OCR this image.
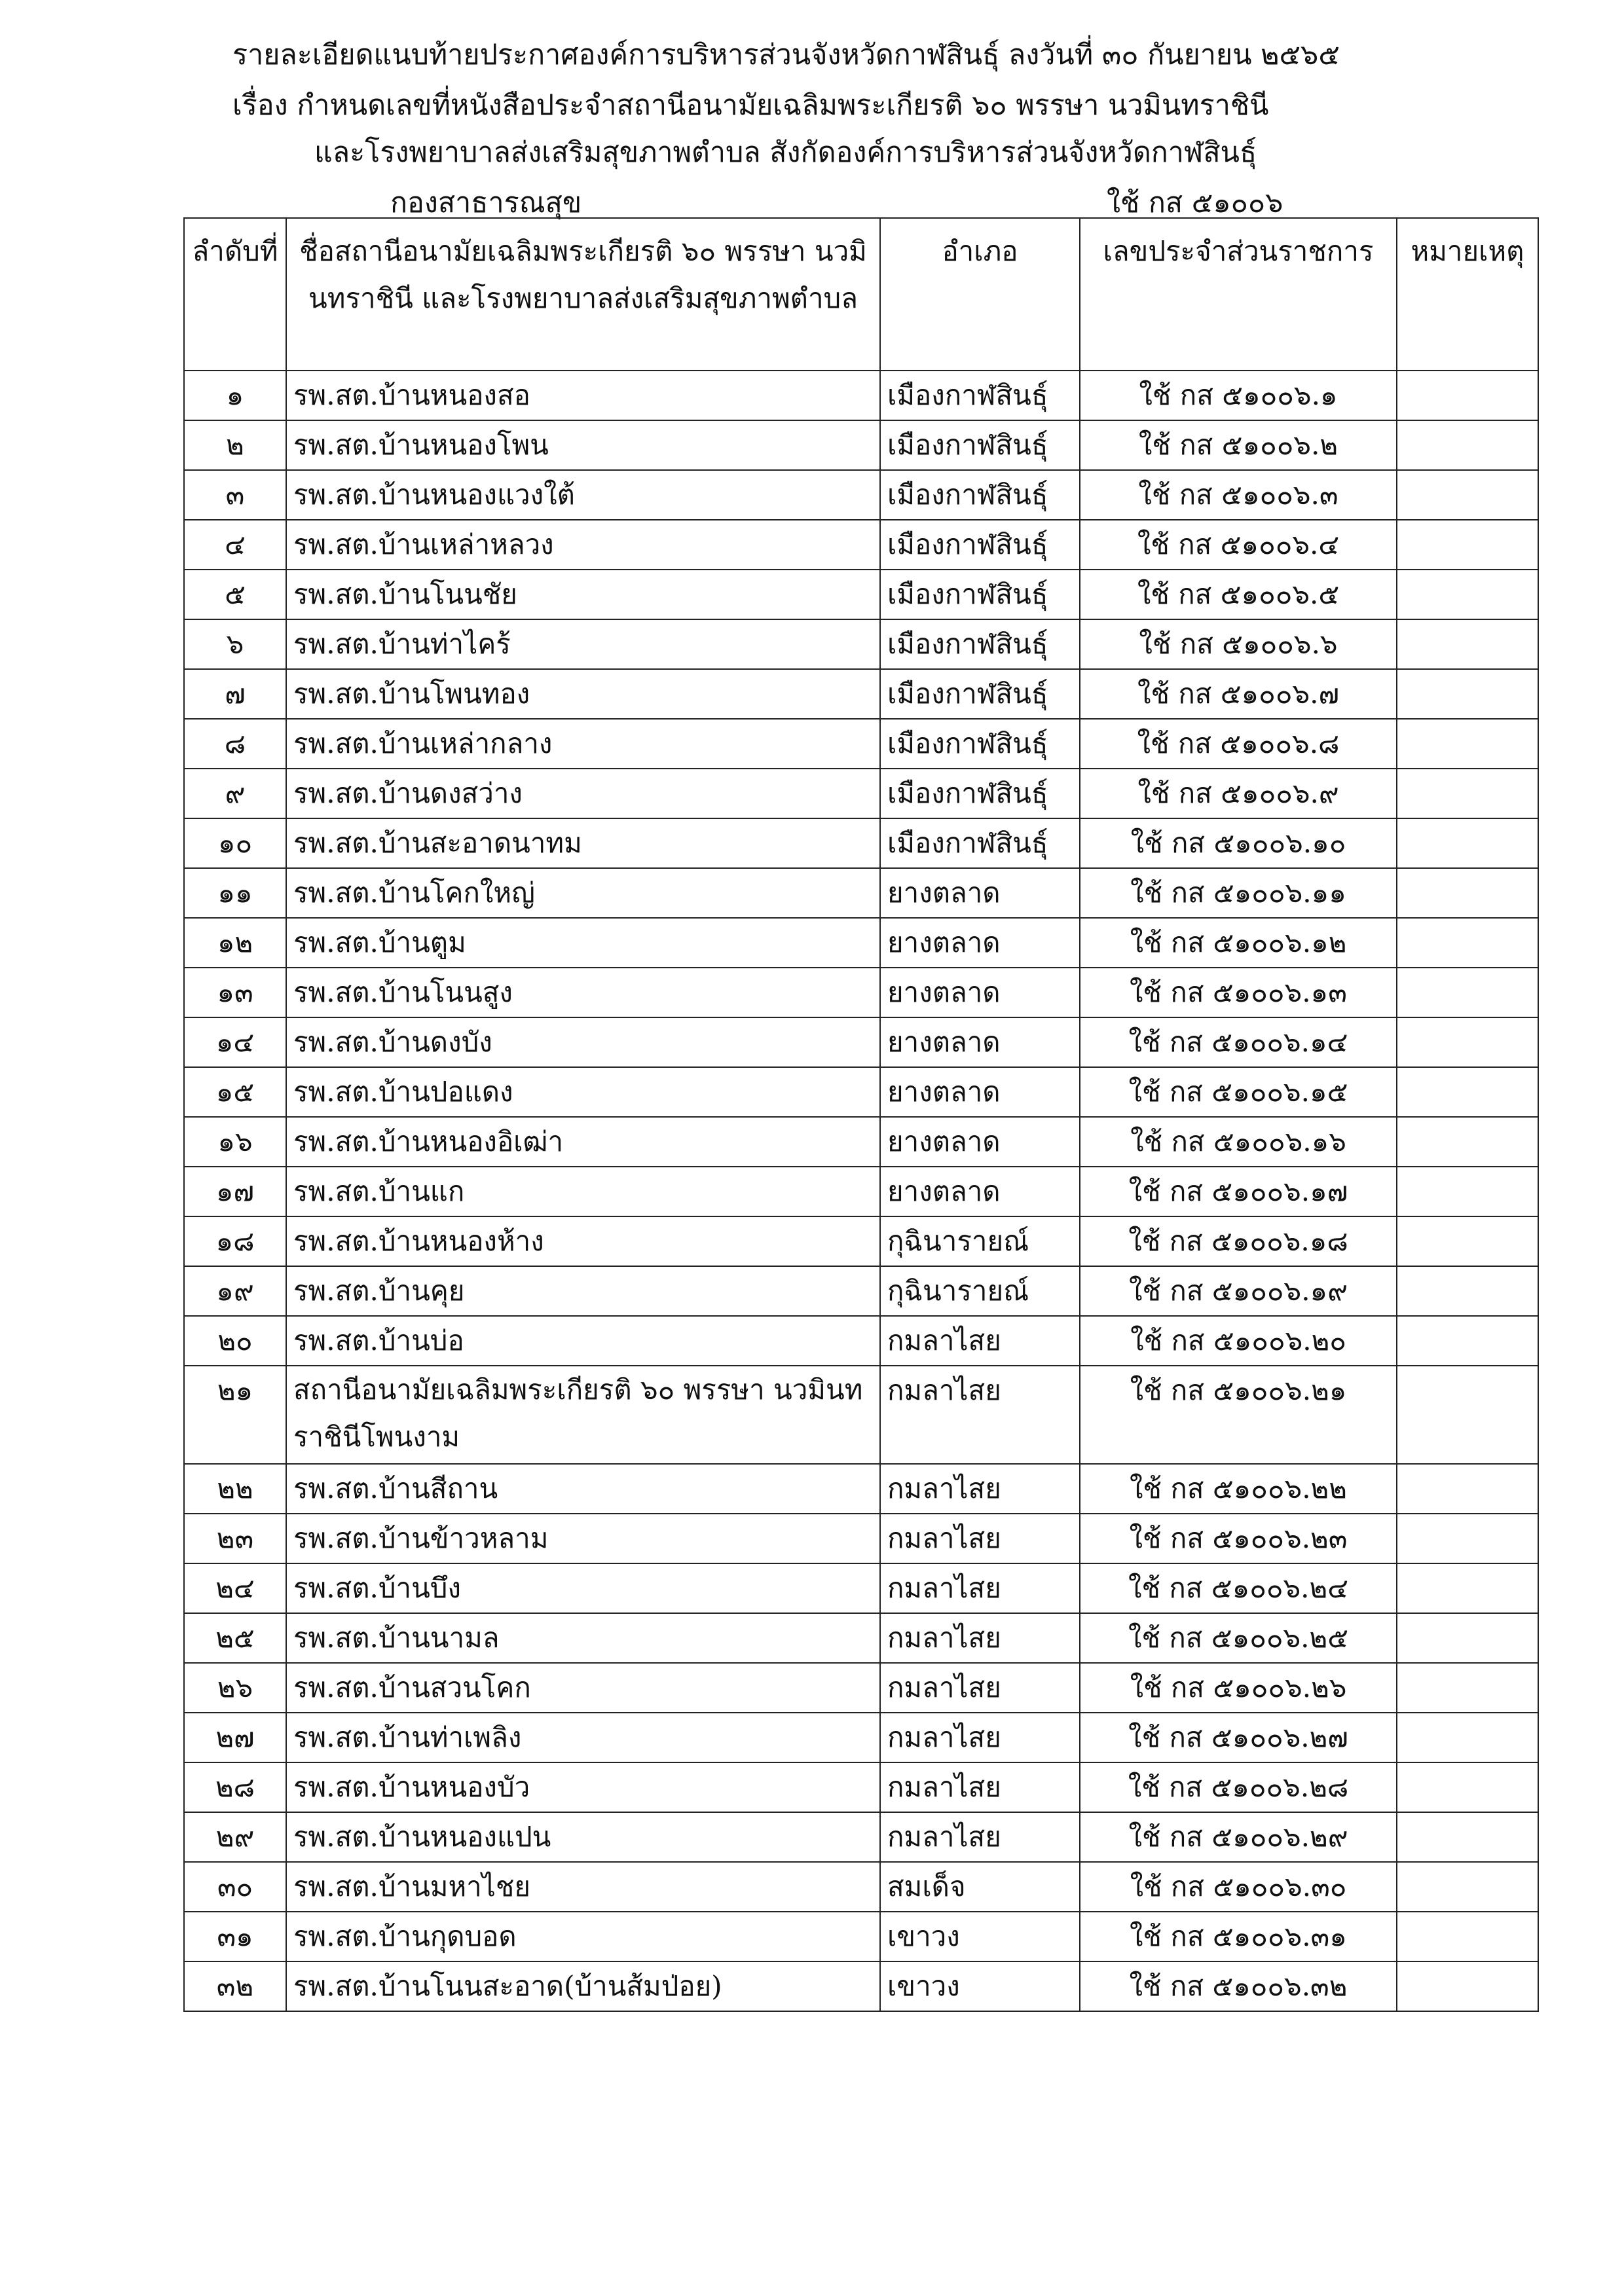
รายละเอียดแนบท้ายประกาศองค์การบริหารส่วนจังหวัดกาฬสินธุ์ ลงวันที่ ๓๐ กันยายน ๒๕๖๕
เรื่อง กำหนดเลขที่หนังสือประจำสถานีอนามัยเฉลิมพระเกียรติ ๖๐ พรรษา นวมินทราชินี
และโรงพยาบาลส่งเสริมสุขภาพตำบล สังกัดองค์การบริหารส่วนจังหวัดกาฬสินธุ์
กองสาธารณสุข	ใช้ กส ๕๑๐๐๖
ลำดับที่	ชื่อสถานีอนามัยเฉลิมพระเกียรติ ๖๐ พรรษา นวมินทราชินี และโรงพยาบาลส่งเสริมสุขภาพตำบล	อำเภอ	เลขประจำส่วนราชการ	หมายเหตุ
๑	รพ.สต.บ้านหนองสอ	เมืองกาฬสินธุ์	ใช้ กส ๕๑๐๐๖.๑	
๒	รพ.สต.บ้านหนองโพน	เมืองกาฬสินธุ์	ใช้ กส ๕๑๐๐๖.๒	
๓	รพ.สต.บ้านหนองแวงใต้	เมืองกาฬสินธุ์	ใช้ กส ๕๑๐๐๖.๓	
๔	รพ.สต.บ้านเหล่าหลวง	เมืองกาฬสินธุ์	ใช้ กส ๕๑๐๐๖.๔	
๕	รพ.สต.บ้านโนนชัย	เมืองกาฬสินธุ์	ใช้ กส ๕๑๐๐๖.๕	
๖	รพ.สต.บ้านท่าไคร้	เมืองกาฬสินธุ์	ใช้ กส ๕๑๐๐๖.๖	
๗	รพ.สต.บ้านโพนทอง	เมืองกาฬสินธุ์	ใช้ กส ๕๑๐๐๖.๗	
๘	รพ.สต.บ้านเหล่ากลาง	เมืองกาฬสินธุ์	ใช้ กส ๕๑๐๐๖.๘	
๙	รพ.สต.บ้านดงสว่าง	เมืองกาฬสินธุ์	ใช้ กส ๕๑๐๐๖.๙	
๑๐	รพ.สต.บ้านสะอาดนาทม	เมืองกาฬสินธุ์	ใช้ กส ๕๑๐๐๖.๑๐	
๑๑	รพ.สต.บ้านโคกใหญ่	ยางตลาด	ใช้ กส ๕๑๐๐๖.๑๑	
๑๒	รพ.สต.บ้านตูม	ยางตลาด	ใช้ กส ๕๑๐๐๖.๑๒	
๑๓	รพ.สต.บ้านโนนสูง	ยางตลาด	ใช้ กส ๕๑๐๐๖.๑๓	
๑๔	รพ.สต.บ้านดงบัง	ยางตลาด	ใช้ กส ๕๑๐๐๖.๑๔	
๑๕	รพ.สต.บ้านปอแดง	ยางตลาด	ใช้ กส ๕๑๐๐๖.๑๕	
๑๖	รพ.สต.บ้านหนองอิเฒ่า	ยางตลาด	ใช้ กส ๕๑๐๐๖.๑๖	
๑๗	รพ.สต.บ้านแก	ยางตลาด	ใช้ กส ๕๑๐๐๖.๑๗	
๑๘	รพ.สต.บ้านหนองห้าง	กุฉินารายณ์	ใช้ กส ๕๑๐๐๖.๑๘	
๑๙	รพ.สต.บ้านคุย	กุฉินารายณ์	ใช้ กส ๕๑๐๐๖.๑๙	
๒๐	รพ.สต.บ้านบ่อ	กมลาไสย	ใช้ กส ๕๑๐๐๖.๒๐	
๒๑	สถานีอนามัยเฉลิมพระเกียรติ ๖๐ พรรษา นวมินทราชินีโพนงาม	กมลาไสย	ใช้ กส ๕๑๐๐๖.๒๑	
๒๒	รพ.สต.บ้านสีถาน	กมลาไสย	ใช้ กส ๕๑๐๐๖.๒๒	
๒๓	รพ.สต.บ้านข้าวหลาม	กมลาไสย	ใช้ กส ๕๑๐๐๖.๒๓	
๒๔	รพ.สต.บ้านบึง	กมลาไสย	ใช้ กส ๕๑๐๐๖.๒๔	
๒๕	รพ.สต.บ้านนามล	กมลาไสย	ใช้ กส ๕๑๐๐๖.๒๕	
๒๖	รพ.สต.บ้านสวนโคก	กมลาไสย	ใช้ กส ๕๑๐๐๖.๒๖	
๒๗	รพ.สต.บ้านท่าเพลิง	กมลาไสย	ใช้ กส ๕๑๐๐๖.๒๗	
๒๘	รพ.สต.บ้านหนองบัว	กมลาไสย	ใช้ กส ๕๑๐๐๖.๒๘	
๒๙	รพ.สต.บ้านหนองแปน	กมลาไสย	ใช้ กส ๕๑๐๐๖.๒๙	
๓๐	รพ.สต.บ้านมหาไชย	สมเด็จ	ใช้ กส ๕๑๐๐๖.๓๐	
๓๑	รพ.สต.บ้านกุดบอด	เขาวง	ใช้ กส ๕๑๐๐๖.๓๑	
๓๒	รพ.สต.บ้านโนนสะอาด(บ้านส้มป่อย)	เขาวง	ใช้ กส ๕๑๐๐๖.๓๒	
